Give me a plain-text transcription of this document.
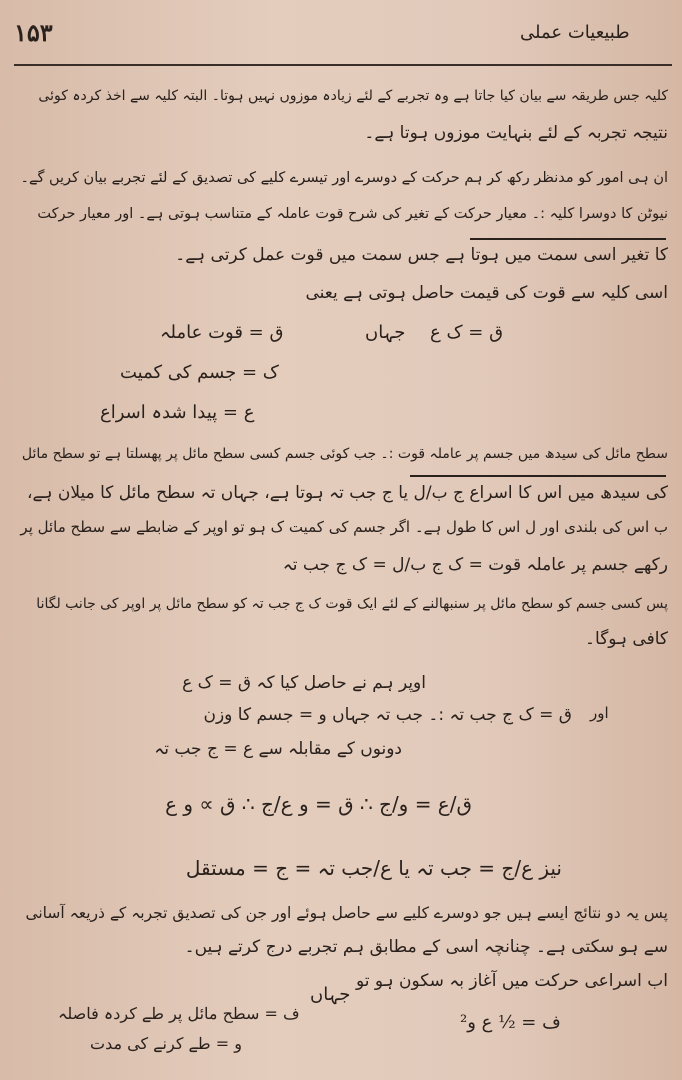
۱۵۳	طبیعیات عملی
کلیہ جس طریقہ سے بیان کیا جاتا ہے وہ تجربے کے لئے زیادہ موزوں نہیں ہوتا۔ البتہ کلیہ سے اخذ کردہ کوئی
نتیجہ تجربہ کے لئے بنہایت موزوں ہوتا ہے۔
ان ہی امور کو مدنظر رکھ کر ہم حرکت کے دوسرے اور تیسرے کلیے کی تصدیق کے لئے تجربے بیان کریں گے۔
نیوٹن کا دوسرا کلیہ :۔ معیار حرکت کے تغیر کی شرح قوت عاملہ کے متناسب ہوتی ہے۔ اور معیار حرکت
کا تغیر اسی سمت میں ہوتا ہے جس سمت میں قوت عمل کرتی ہے۔
اسی کلیہ سے قوت کی قیمت حاصل ہوتی ہے یعنی
ق = ک ع
جہاں
ق = قوت عاملہ
ک = جسم کی کمیت
ع = پیدا شدہ اسراع
سطح مائل کی سیدھ میں جسم پر عاملہ قوت :۔ جب کوئی جسم کسی سطح مائل پر پھسلتا ہے تو سطح مائل
کی سیدھ میں اس کا اسراع ج ب/ل یا ج جب تہ ہوتا ہے، جہاں تہ سطح مائل کا میلان ہے،
ب اس کی بلندی اور ل اس کا طول ہے۔ اگر جسم کی کمیت ک ہو تو اوپر کے ضابطے سے سطح مائل پر
رکھے جسم پر عاملہ قوت = ک ج ب/ل = ک ج جب تہ
پس کسی جسم کو سطح مائل پر سنبھالنے کے لئے ایک قوت ک ج جب تہ کو سطح مائل پر اوپر کی جانب لگانا
کافی ہوگا۔
اوپر ہم نے حاصل کیا کہ ق = ک ع
اور
ق = ک ج جب تہ :۔ جب تہ جہاں و = جسم کا وزن
دونوں کے مقابلہ سے ع = ج جب تہ
ق/ع = و/ج ∴ ق = و ع/ج ∴ ق ∝ و ع
نیز ع/ج = جب تہ یا ع/جب تہ = ج = مستقل
پس یہ دو نتائج ایسے ہیں جو دوسرے کلیے سے حاصل ہوئے اور جن کی تصدیق تجربہ کے ذریعہ آسانی
سے ہو سکتی ہے۔ چنانچہ اسی کے مطابق ہم تجربے درج کرتے ہیں۔
اب اسراعی حرکت میں آغاز بہ سکون ہو تو
ف = ½ ع و²
جہاں
ف = سطح مائل پر طے کردہ فاصلہ
و = طے کرنے کی مدت
